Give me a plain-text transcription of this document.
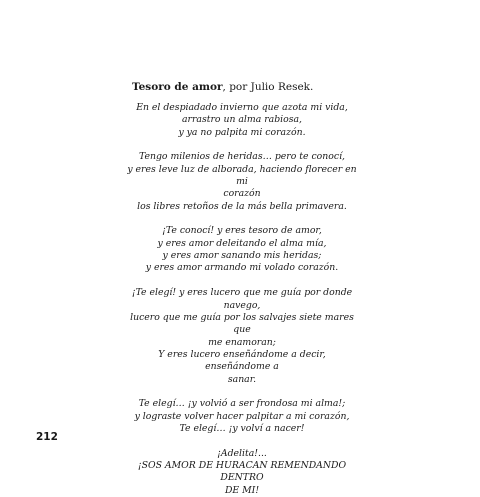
Tesoro de amor, por Julio Resek.
En el despiadado invierno que azota mi vida,
arrastro un alma rabiosa,
y ya no palpita mi corazón.
Tengo milenios de heridas… pero te conocí,
y eres leve luz de alborada, haciendo florecer en mi
corazón
los libres retoños de la más bella primavera.
¡Te conocí! y eres tesoro de amor,
y eres amor deleitando el alma mía,
y eres amor sanando mis heridas;
y eres amor armando mi volado corazón.
¡Te elegí! y eres lucero que me guía por donde
navego,
lucero que me guía por los salvajes siete mares que
me enamoran;
Y eres lucero enseñándome a decir, enseñándome a
sanar.
Te elegí… ¡y volvió a ser frondosa mi alma!;
y lograste volver hacer palpitar a mi corazón,
Te elegí… ¡y volví a nacer!
¡Adelita!...
¡SOS AMOR DE HURACAN REMENDANDO DENTRO
DE MI!
212
